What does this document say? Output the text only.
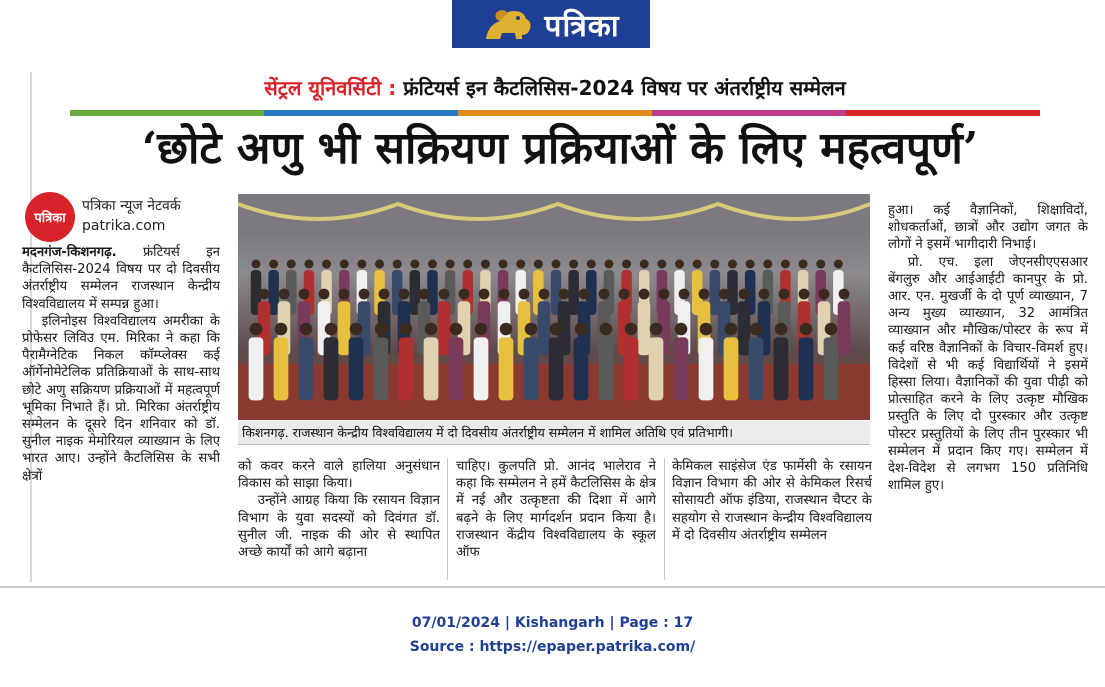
पत्रिका
सेंट्रल यूनिवर्सिटी : फ्रंटियर्स इन कैटलिसिस-2024 विषय पर अंतर्राष्ट्रीय सम्मेलन
‘छोटे अणु भी सक्रियण प्रक्रियाओं के लिए महत्वपूर्ण’
पत्रिका
पत्रिका न्यूज नेटवर्क
patrika.com

मदनगंज-किशनगढ़. फ्रंटियर्स इन कैटलिसिस-2024 विषय पर दो दिवसीय अंतर्राष्ट्रीय सम्मेलन राजस्थान केन्द्रीय विश्वविद्यालय में सम्पन्न हुआ।

इलिनोइस विश्वविद्यालय अमरीका के प्रोफेसर लिविउ एम. मिरिका ने कहा कि पैरामैग्नेटिक निकल कॉम्प्लेक्स कई ऑर्गेनोमेटेलिक प्रतिक्रियाओं के साथ-साथ छोटे अणु सक्रियण प्रक्रियाओं में महत्वपूर्ण भूमिका निभाते हैं। प्रो. मिरिका अंतर्राष्ट्रीय सम्मेलन के दूसरे दिन शनिवार को डॉ. सुनील नाइक मेमोरियल व्याख्यान के लिए भारत आए। उन्होंने कैटलिसिस के सभी क्षेत्रों

किशनगढ़. राजस्थान केन्द्रीय विश्वविद्यालय में दो दिवसीय अंतर्राष्ट्रीय सम्मेलन में शामिल अतिथि एवं प्रतिभागी।

को कवर करने वाले हालिया अनुसंधान विकास को साझा किया।

उन्होंने आग्रह किया कि रसायन विज्ञान विभाग के युवा सदस्यों को दिवंगत डॉ. सुनील जी. नाइक की ओर से स्थापित अच्छे कार्यों को आगे बढ़ाना

चाहिए। कुलपति प्रो. आनंद भालेराव ने कहा कि सम्मेलन ने हमें कैटलिसिस के क्षेत्र में नई और उत्कृष्टता की दिशा में आगे बढ़ने के लिए मार्गदर्शन प्रदान किया है। राजस्थान केंद्रीय विश्वविद्यालय के स्कूल ऑफ

केमिकल साइंसेज एंड फार्मेसी के रसायन विज्ञान विभाग की ओर से केमिकल रिसर्च सोसायटी ऑफ इंडिया, राजस्थान चैप्टर के सहयोग से राजस्थान केन्द्रीय विश्वविद्यालय में दो दिवसीय अंतर्राष्ट्रीय सम्मेलन

हुआ। कई वैज्ञानिकों, शिक्षाविदों, शोधकर्ताओं, छात्रों और उद्योग जगत के लोगों ने इसमें भागीदारी निभाई।

प्रो. एच. इला जेएनसीएएसआर बेंगलुरु और आईआईटी कानपुर के प्रो. आर. एन. मुखर्जी के दो पूर्ण व्याख्यान, 7 अन्य मुख्य व्याख्यान, 32 आमंत्रित व्याख्यान और मौखिक/पोस्टर के रूप में कई वरिष्ठ वैज्ञानिकों के विचार-विमर्श हुए। विदेशों से भी कई विद्यार्थियों ने इसमें हिस्सा लिया। वैज्ञानिकों की युवा पीढ़ी को प्रोत्साहित करने के लिए उत्कृष्ट मौखिक प्रस्तुति के लिए दो पुरस्कार और उत्कृष्ट पोस्टर प्रस्तुतियों के लिए तीन पुरस्कार भी सम्मेलन में प्रदान किए गए। सम्मेलन में देश-विदेश से लगभग 150 प्रतिनिधि शामिल हुए।

07/01/2024 | Kishangarh | Page : 17
Source : https://epaper.patrika.com/
